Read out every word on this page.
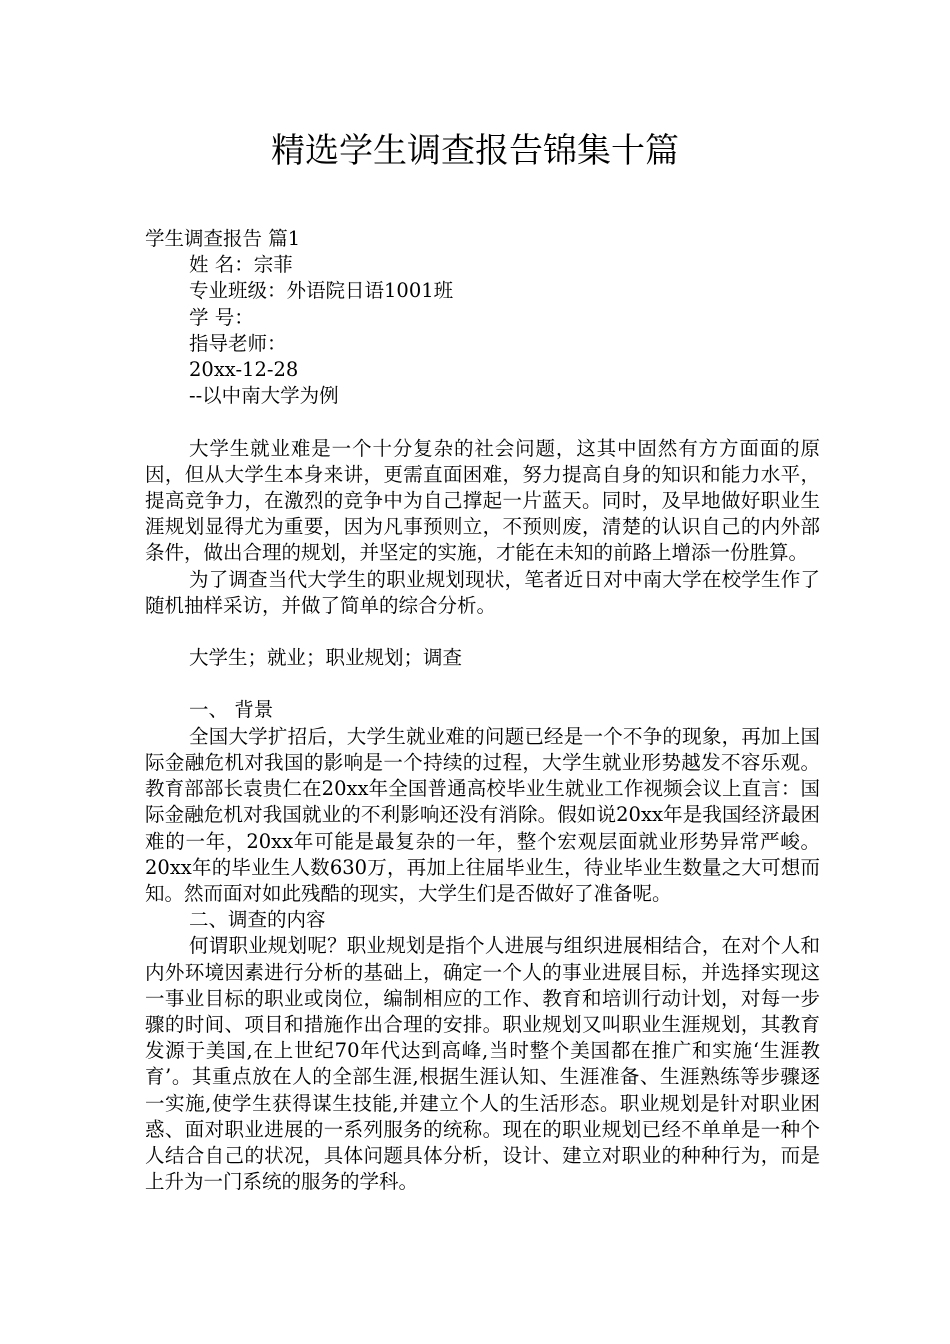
精选学生调查报告锦集十篇
学生调查报告 篇1
姓 名：宗菲
专业班级：外语院日语1001班
学 号：
指导老师：
20xx-12-28
--以中南大学为例

大学生就业难是一个十分复杂的社会问题，这其中固然有方方面面的原因，但从大学生本身来讲，更需直面困难，努力提高自身的知识和能力水平，提高竞争力，在激烈的竞争中为自己撑起一片蓝天。同时，及早地做好职业生涯规划显得尤为重要，因为凡事预则立，不预则废，清楚的认识自己的内外部条件，做出合理的规划，并坚定的实施，才能在未知的前路上增添一份胜算。

为了调查当代大学生的职业规划现状，笔者近日对中南大学在校学生作了随机抽样采访，并做了简单的综合分析。

大学生；就业；职业规划；调查
一、 背景

全国大学扩招后，大学生就业难的问题已经是一个不争的现象，再加上国际金融危机对我国的影响是一个持续的过程，大学生就业形势越发不容乐观。教育部部长袁贵仁在20xx年全国普通高校毕业生就业工作视频会议上直言：国际金融危机对我国就业的不利影响还没有消除。假如说20xx年是我国经济最困难的一年，20xx年可能是最复杂的一年，整个宏观层面就业形势异常严峻。20xx年的毕业生人数630万，再加上往届毕业生，待业毕业生数量之大可想而知。然而面对如此残酷的现实，大学生们是否做好了准备呢。

二、调查的内容

何谓职业规划呢？职业规划是指个人进展与组织进展相结合，在对个人和内外环境因素进行分析的基础上，确定一个人的事业进展目标，并选择实现这一事业目标的职业或岗位，编制相应的工作、教育和培训行动计划，对每一步骤的时间、项目和措施作出合理的安排。职业规划又叫职业生涯规划，其教育发源于美国,在上世纪70年代达到高峰,当时整个美国都在推广和实施‘生涯教育’。其重点放在人的全部生涯,根据生涯认知、生涯准备、生涯熟练等步骤逐一实施,使学生获得谋生技能,并建立个人的生活形态。职业规划是针对职业困惑、面对职业进展的一系列服务的统称。现在的职业规划已经不单单是一种个人结合自己的状况，具体问题具体分析，设计、建立对职业的种种行为，而是上升为一门系统的服务的学科。
